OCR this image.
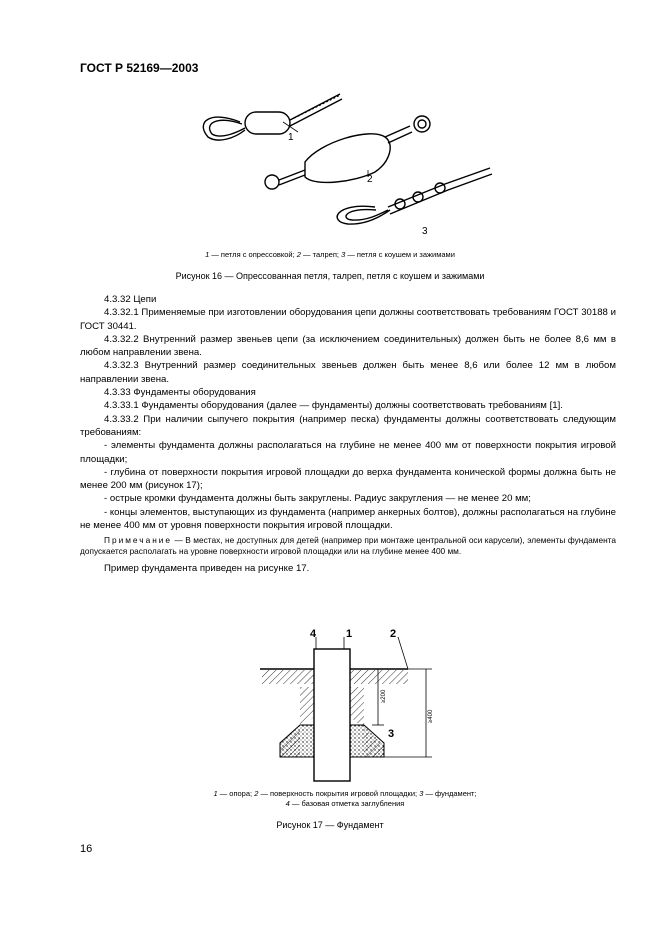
ГОСТ Р 52169—2003
1
2
3
1 — петля с опрессовкой; 2 — талреп; 3 — петля с коушем и зажимами
Рисунок 16 — Опрессованная петля, талреп, петля с коушем и зажимами

4.3.32 Цепи

4.3.32.1 Применяемые при изготовлении оборудования цепи должны соответствовать требованиям ГОСТ 30188 и ГОСТ 30441.

4.3.32.2 Внутренний размер звеньев цепи (за исключением соединительных) должен быть не более 8,6 мм в любом направлении звена.

4.3.32.3 Внутренний размер соединительных звеньев должен быть менее 8,6 или более 12 мм в любом направлении звена.

4.3.33 Фундаменты оборудования

4.3.33.1 Фундаменты оборудования (далее — фундаменты) должны соответствовать требованиям [1].

4.3.33.2 При наличии сыпучего покрытия (например песка) фундаменты должны соответствовать следующим требованиям:

- элементы фундамента должны располагаться на глубине не менее 400 мм от поверхности покрытия игровой площадки;

- глубина от поверхности покрытия игровой площадки до верха фундамента конической формы должна быть не менее 200 мм (рисунок 17);

- острые кромки фундамента должны быть закруглены. Радиус закругления — не менее 20 мм;

- концы элементов, выступающих из фундамента (например анкерных болтов), должны располагаться на глубине не менее 400 мм от уровня поверхности покрытия игровой площадки.

Примечание — В местах, не доступных для детей (например при монтаже центральной оси карусели), элементы фундамента допускается располагать на уровне поверхности игровой площадки или на глубине менее 400 мм.

Пример фундамента приведен на рисунке 17.

≥200
≥400
4	1	2
3
1 — опора; 2 — поверхность покрытия игровой площадки; 3 — фундамент;
4 — базовая отметка заглубления
Рисунок 17 — Фундамент
16
